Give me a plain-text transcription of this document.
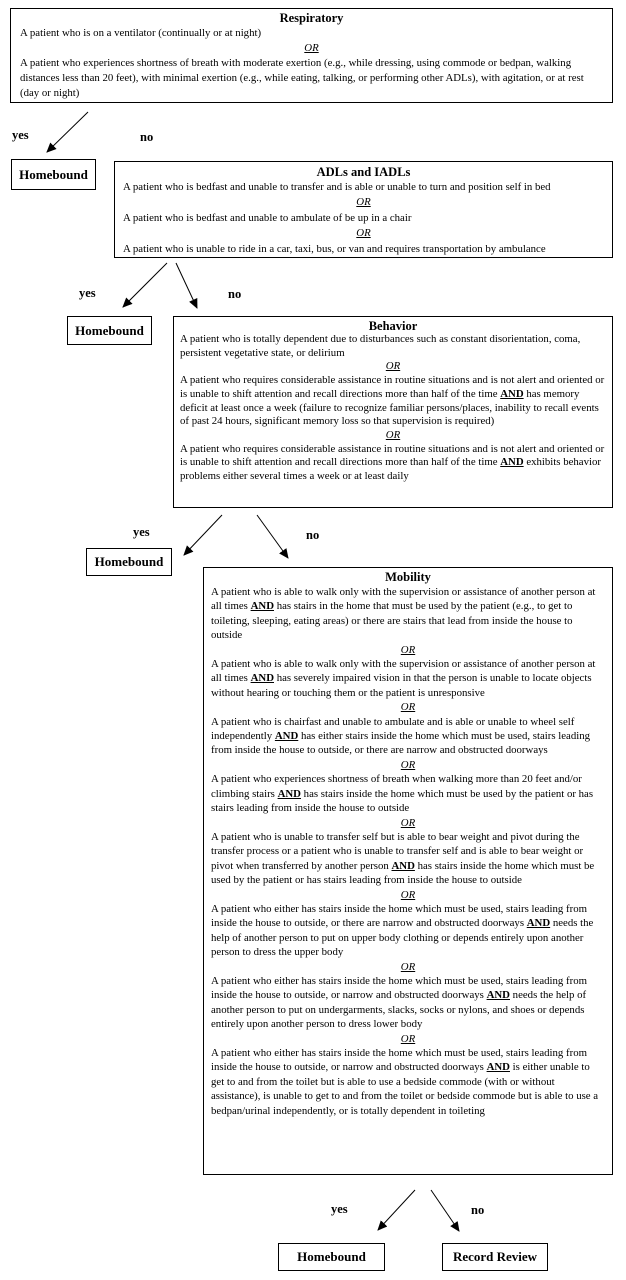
yes	no
yes	no
yes	no
yes	no
Homebound
Homebound
Homebound
Homebound	Record Review
Respiratory
A patient who is on a ventilator (continually or at night)
OR
A patient who experiences shortness of breath with moderate exertion (e.g., while dressing, using commode or bedpan, walking distances less than 20 feet), with minimal exertion (e.g., while eating, talking, or performing other ADLs), with agitation, or at rest (day or night)
ADLs and IADLs
A patient who is bedfast and unable to transfer and is able or unable to turn and position self in bed
OR
A patient who is bedfast and unable to ambulate of be up in a chair
OR
A patient who is unable to ride in a car, taxi, bus, or van and requires transportation by ambulance
Behavior
A patient who is totally dependent due to disturbances such as constant disorientation, coma, persistent vegetative state, or delirium
OR
A patient who requires considerable assistance in routine situations and is not alert and oriented or is unable to shift attention and recall directions more than half of the time AND has memory deficit at least once a week (failure to recognize familiar persons/places, inability to recall events of past 24 hours, significant memory loss so that supervision is required)
OR
A patient who requires considerable assistance in routine situations and is not alert and oriented or is unable to shift attention and recall directions more than half of the time AND exhibits behavior problems either several times a week or at least daily
Mobility
A patient who is able to walk only with the supervision or assistance of another person at all times AND has stairs in the home that must be used by the patient (e.g., to get to toileting, sleeping, eating areas) or there are stairs that lead from inside the house to outside
OR
A patient who is able to walk only with the supervision or assistance of another person at all times AND has severely impaired vision in that the person is unable to locate objects without hearing or touching them or the patient is unresponsive
OR
A patient who is chairfast and unable to ambulate and is able or unable to wheel self independently AND has either stairs inside the home which must be used, stairs leading from inside the house to outside, or there are narrow and obstructed doorways
OR
A patient who experiences shortness of breath when walking more than 20 feet and/or climbing stairs AND has stairs inside the home which must be used by the patient or has stairs leading from inside the house to outside
OR
A patient who is unable to transfer self but is able to bear weight and pivot during the transfer process or a patient who is unable to transfer self and is able to bear weight or pivot when transferred by another person AND has stairs inside the home which must be used by the patient or has stairs leading from inside the house to outside
OR
A patient who either has stairs inside the home which must be used, stairs leading from inside the house to outside, or there are narrow and obstructed doorways AND needs the help of another person to put on upper body clothing or depends entirely upon another person to dress the upper body
OR
A patient who either has stairs inside the home which must be used, stairs leading from inside the house to outside, or narrow and obstructed doorways AND needs the help of another person to put on undergarments, slacks, socks or nylons, and shoes or depends entirely upon another person to dress lower body
OR
A patient who either has stairs inside the home which must be used, stairs leading from inside the house to outside, or narrow and obstructed doorways AND is either unable to get to and from the toilet but is able to use a bedside commode (with or without assistance), is unable to get to and from the toilet or bedside commode but is able to use a bedpan/urinal independently, or is totally dependent in toileting
